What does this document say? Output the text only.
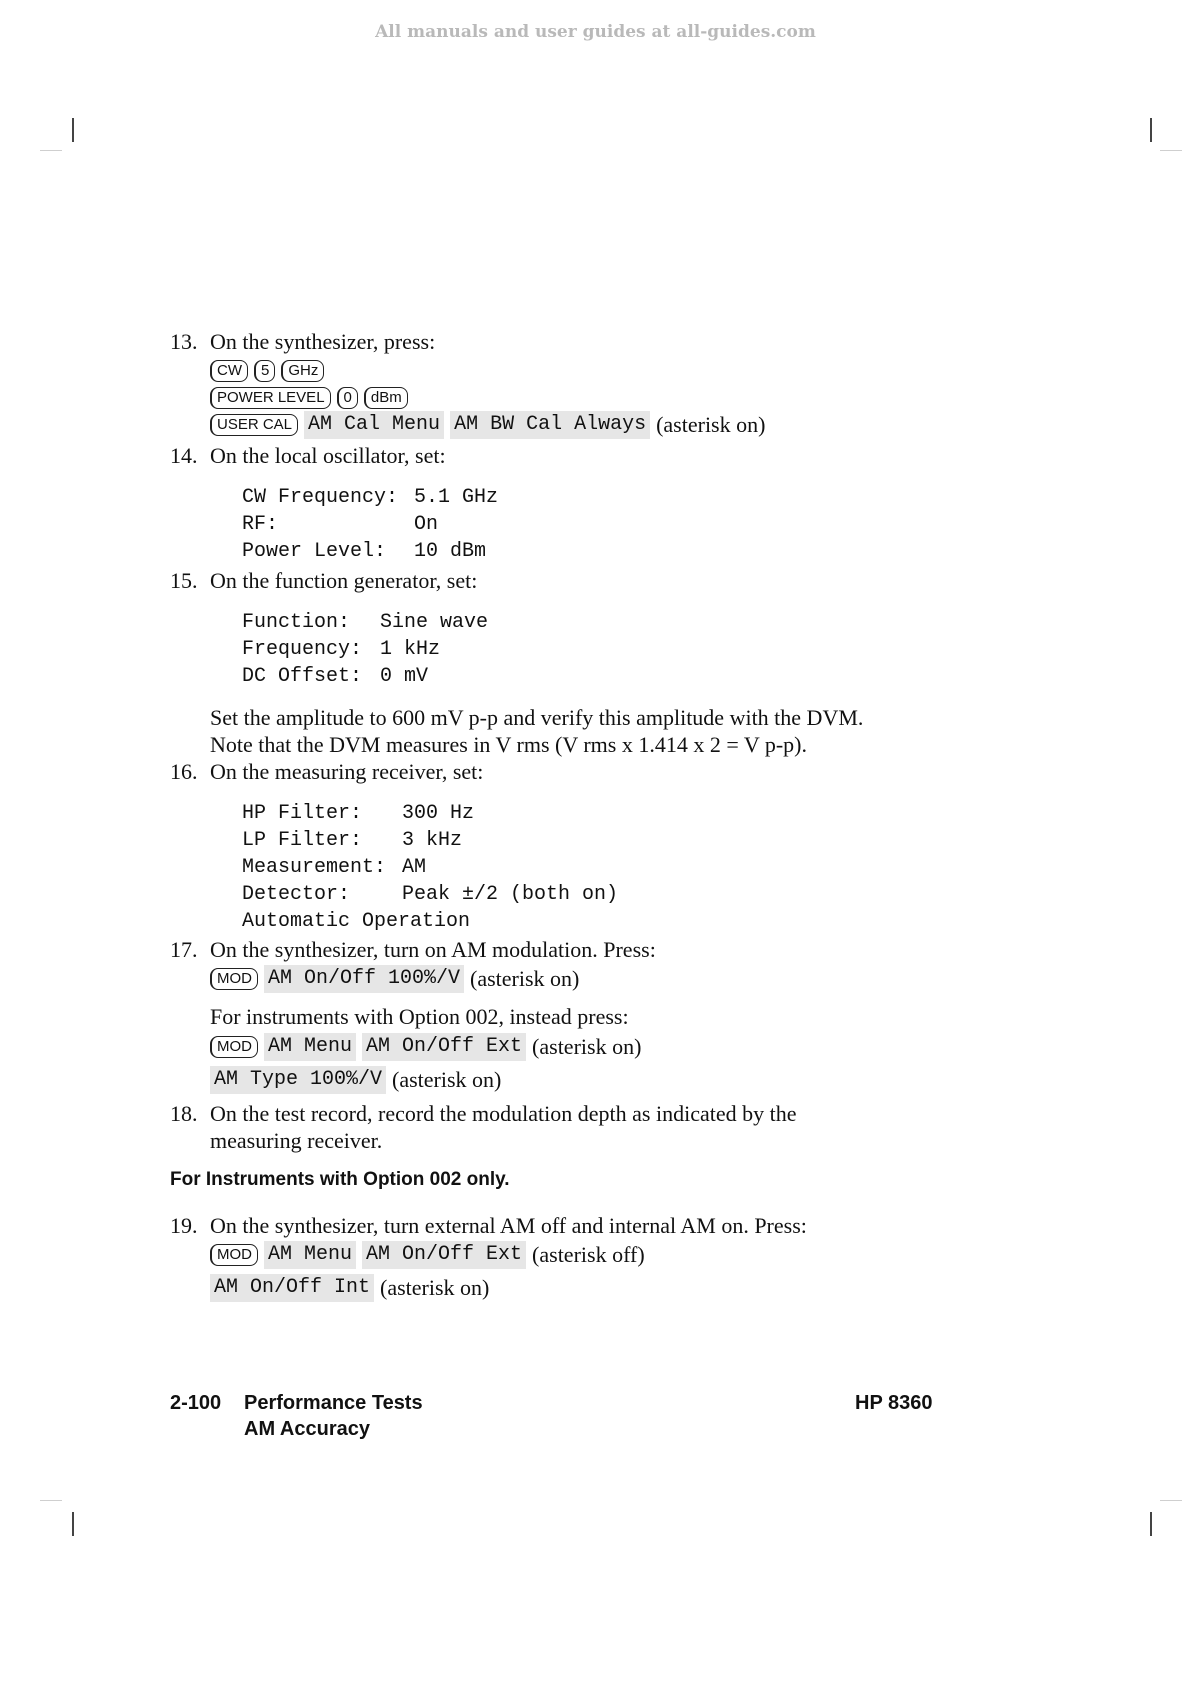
All manuals and user guides at all-guides.com
13. On the synthesizer, press:
CW 5 GHz
POWER LEVEL 0 dBm
USER CAL AM Cal Menu AM BW Cal Always (asterisk on)
14. On the local oscillator, set:
CW Frequency: 5.1 GHz
RF:	On
Power Level: 10 dBm
15. On the function generator, set:
Function: Sine wave
Frequency: 1 kHz
DC Offset: 0 mV
Set the amplitude to 600 mV p-p and verify this amplitude with the DVM.
Note that the DVM measures in V rms (V rms x 1.414 x 2 = V p-p).
16. On the measuring receiver, set:
HP Filter: 300 Hz
LP Filter: 3 kHz
Measurement: AM
Detector:	Peak ±/2 (both on)
Automatic Operation
17. On the synthesizer, turn on AM modulation. Press:
MOD AM On/Off 100%/V (asterisk on)
For instruments with Option 002, instead press:
MOD AM Menu AM On/Off Ext (asterisk on)
AM Type 100%/V (asterisk on)
18. On the test record, record the modulation depth as indicated by the
measuring receiver.
For Instruments with Option 002 only.
19. On the synthesizer, turn external AM off and internal AM on. Press:
MOD AM Menu AM On/Off Ext (asterisk off)
AM On/Off Int (asterisk on)
2-100 Performance Tests
AM Accuracy
HP 8360
